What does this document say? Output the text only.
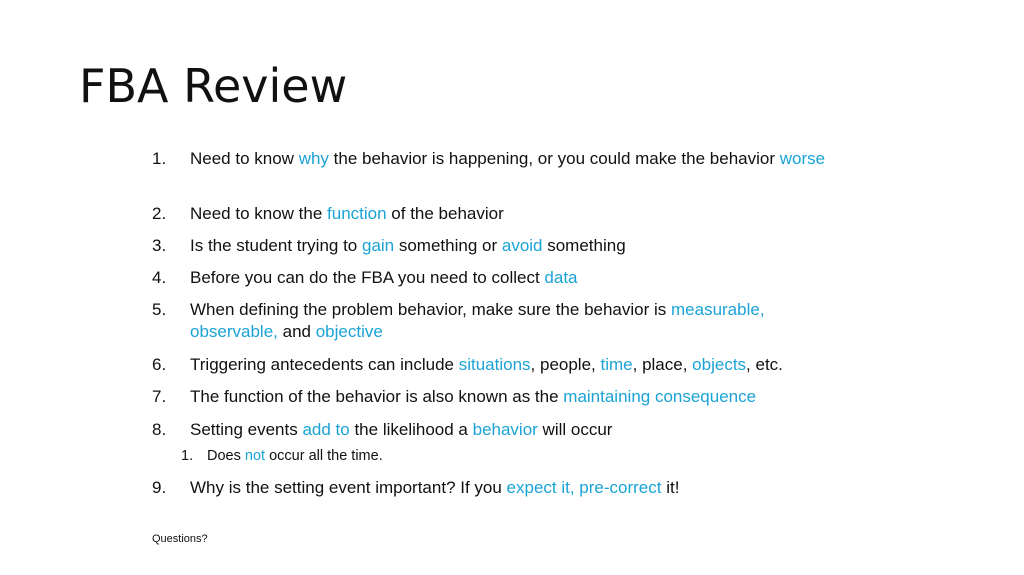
FBA Review
1. Need to know why the behavior is happening, or you could make the behavior worse
2. Need to know the function of the behavior
3. Is the student trying to gain something or avoid something
4. Before you can do the FBA you need to collect data
5. When defining the problem behavior, make sure the behavior is measurable, observable, and objective
6. Triggering antecedents can include situations, people, time, place, objects, etc.
7. The function of the behavior is also known as the maintaining consequence
8. Setting events add to the likelihood a behavior will occur
1. Does not occur all the time.
9. Why is the setting event important? If you expect it, pre-correct it!
Questions?
